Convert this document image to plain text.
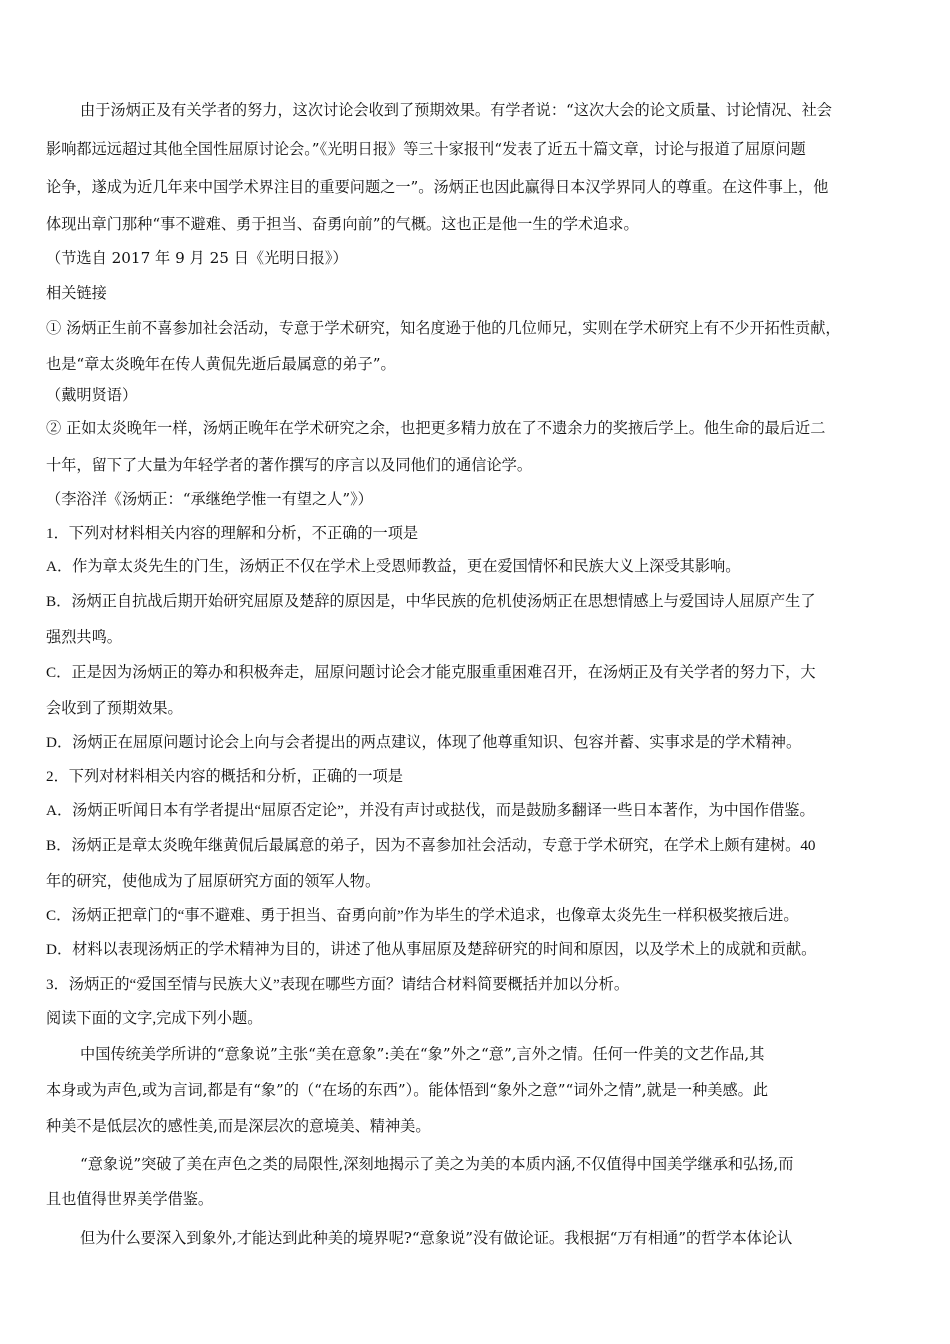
由于汤炳正及有关学者的努力，这次讨论会收到了预期效果。有学者说：“这次大会的论文质量、讨论情况、社会
影响都远远超过其他全国性屈原讨论会。”《光明日报》等三十家报刊“发表了近五十篇文章，讨论与报道了屈原问题
论争，遂成为近几年来中国学术界注目的重要问题之一”。汤炳正也因此赢得日本汉学界同人的尊重。在这件事上，他
体现出章门那种“事不避难、勇于担当、奋勇向前”的气概。这也正是他一生的学术追求。
（节选自 2017 年 9 月 25 日《光明日报》）
相关链接
① 汤炳正生前不喜参加社会活动，专意于学术研究，知名度逊于他的几位师兄，实则在学术研究上有不少开拓性贡献，
也是“章太炎晚年在传人黄侃先逝后最属意的弟子”。
（戴明贤语）
② 正如太炎晚年一样，汤炳正晚年在学术研究之余，也把更多精力放在了不遗余力的奖掖后学上。他生命的最后近二
十年，留下了大量为年轻学者的著作撰写的序言以及同他们的通信论学。
（李浴洋《汤炳正：“承继绝学惟一有望之人”》）
1．下列对材料相关内容的理解和分析，不正确的一项是
A．作为章太炎先生的门生，汤炳正不仅在学术上受恩师教益，更在爱国情怀和民族大义上深受其影响。
B．汤炳正自抗战后期开始研究屈原及楚辞的原因是，中华民族的危机使汤炳正在思想情感上与爱国诗人屈原产生了
强烈共鸣。
C．正是因为汤炳正的筹办和积极奔走，屈原问题讨论会才能克服重重困难召开，在汤炳正及有关学者的努力下，大
会收到了预期效果。
D．汤炳正在屈原问题讨论会上向与会者提出的两点建议，体现了他尊重知识、包容并蓄、实事求是的学术精神。
2．下列对材料相关内容的概括和分析，正确的一项是
A．汤炳正听闻日本有学者提出“屈原否定论”，并没有声讨或挞伐，而是鼓励多翻译一些日本著作，为中国作借鉴。
B．汤炳正是章太炎晚年继黄侃后最属意的弟子，因为不喜参加社会活动，专意于学术研究，在学术上颇有建树。40
年的研究，使他成为了屈原研究方面的领军人物。
C．汤炳正把章门的“事不避难、勇于担当、奋勇向前”作为毕生的学术追求，也像章太炎先生一样积极奖掖后进。
D．材料以表现汤炳正的学术精神为目的，讲述了他从事屈原及楚辞研究的时间和原因，以及学术上的成就和贡献。
3．汤炳正的“爱国至情与民族大义”表现在哪些方面？请结合材料简要概括并加以分析。
阅读下面的文字,完成下列小题。
中国传统美学所讲的“意象说”主张“美在意象”:美在“象”外之“意”,言外之情。任何一件美的文艺作品,其
本身或为声色,或为言词,都是有“象”的（“在场的东西”）。能体悟到“象外之意”“词外之情”,就是一种美感。此
种美不是低层次的感性美,而是深层次的意境美、精神美。
“意象说”突破了美在声色之类的局限性,深刻地揭示了美之为美的本质内涵,不仅值得中国美学继承和弘扬,而
且也值得世界美学借鉴。
但为什么要深入到象外,才能达到此种美的境界呢?“意象说”没有做论证。我根据“万有相通”的哲学本体论认
